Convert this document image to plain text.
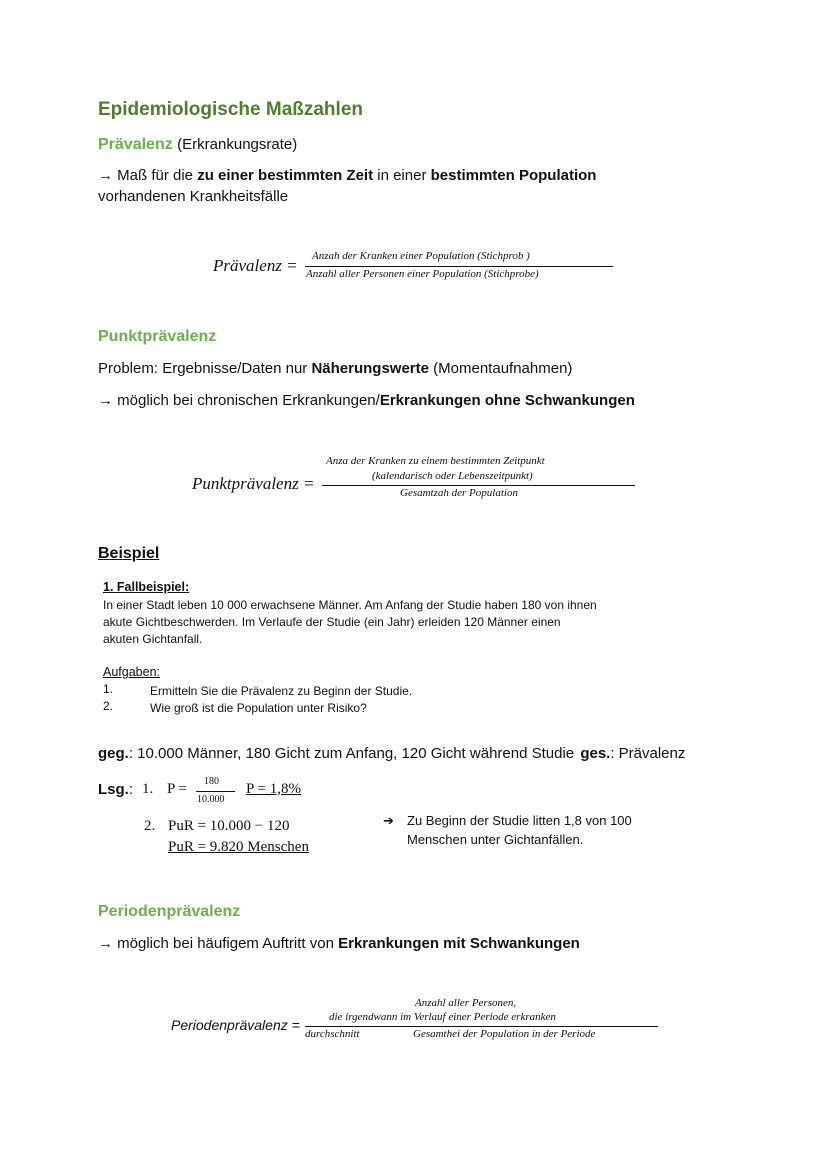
Epidemiologische Maßzahlen
Prävalenz (Erkrankungsrate)
→ Maß für die zu einer bestimmten Zeit in einer bestimmten Population
vorhandenen Krankheitsfälle
Prävalenz = Anzah der Kranken einer Population (Stichprob )
Anzahl aller Personen einer Population (Stichprobe)
Punktprävalenz
Problem: Ergebnisse/Daten nur Näherungswerte (Momentaufnahmen)
→ möglich bei chronischen Erkrankungen/Erkrankungen ohne Schwankungen
Punktprävalenz =
Anza der Kranken zu einem bestimmten Zeitpunkt
(kalendarisch oder Lebenszeitpunkt)
Gesamtzah der Population
Beispiel
1. Fallbeispiel:
In einer Stadt leben 10 000 erwachsene Männer. Am Anfang der Studie haben 180 von ihnen
akute Gichtbeschwerden. Im Verlaufe der Studie (ein Jahr) erleiden 120 Männer einen
akuten Gichtanfall.
Aufgaben:
1.	Ermitteln Sie die Prävalenz zu Beginn der Studie.
2.	Wie groß ist die Population unter Risiko?
geg.: 10.000 Männer, 180 Gicht zum Anfang, 120 Gicht während Studie ges.: Prävalenz
Lsg.: 1. P = 180
10.000
P = 1,8%
2. PuR = 10.000 − 120
PuR = 9.820 Menschen
➔ Zu Beginn der Studie litten 1,8 von 100
Menschen unter Gichtanfällen.
Periodenprävalenz
→ möglich bei häufigem Auftritt von Erkrankungen mit Schwankungen
Periodenprävalenz =
Anzahl aller Personen,
die irgendwann im Verlauf einer Periode erkranken
durchschnitt	Gesamthei der Population in der Periode
